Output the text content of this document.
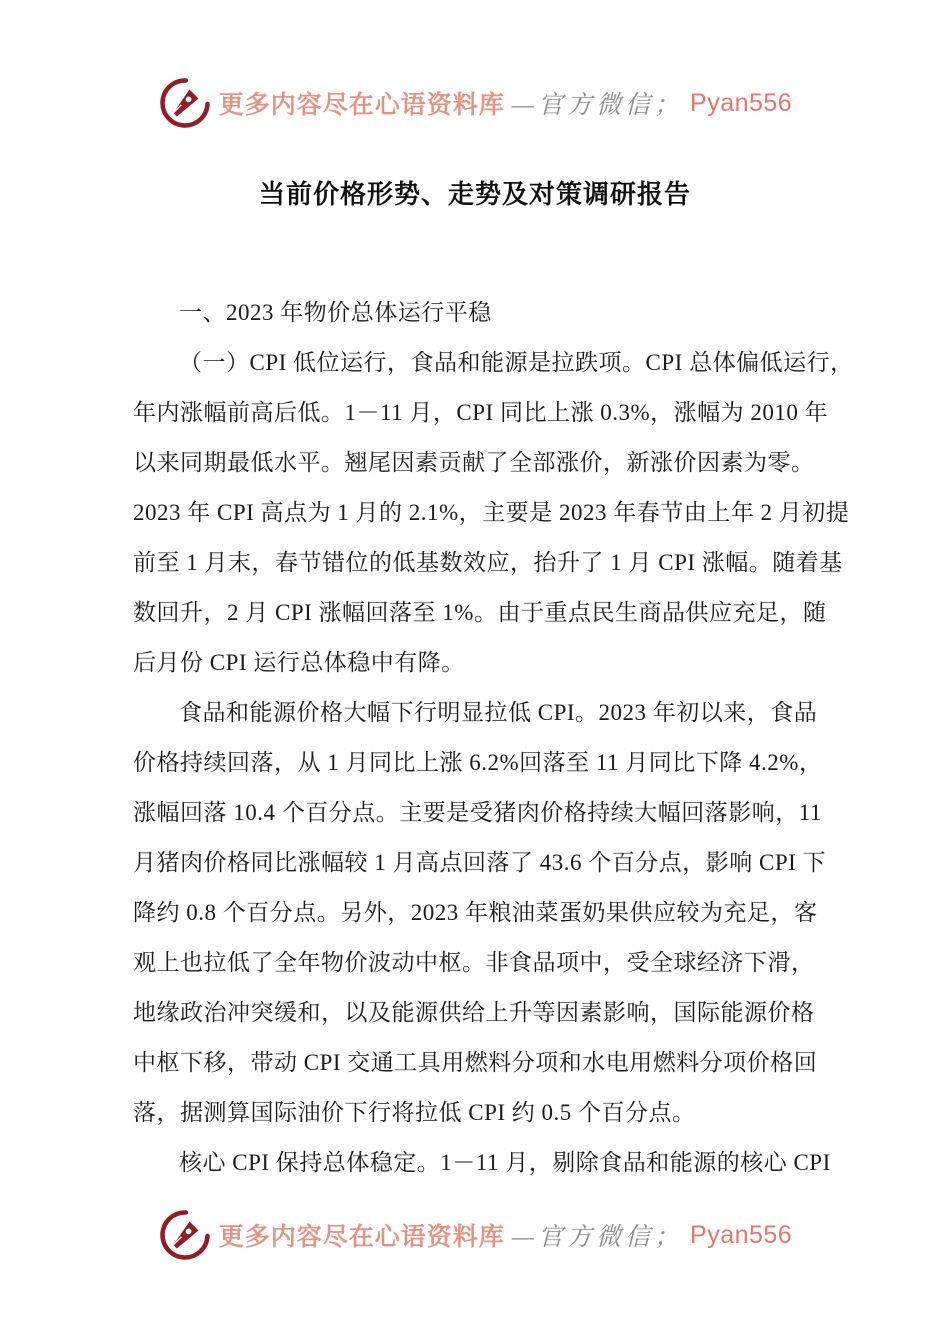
更多内容尽在心语资料库 —官方微信； Pyan556
当前价格形势、走势及对策调研报告
一、2023 年物价总体运行平稳
（一）CPI 低位运行，食品和能源是拉跌项。CPI 总体偏低运行，
年内涨幅前高后低。1－11 月，CPI 同比上涨 0.3%，涨幅为 2010 年
以来同期最低水平。翘尾因素贡献了全部涨价，新涨价因素为零。
2023 年 CPI 高点为 1 月的 2.1%，主要是 2023 年春节由上年 2 月初提
前至 1 月末，春节错位的低基数效应，抬升了 1 月 CPI 涨幅。随着基
数回升，2 月 CPI 涨幅回落至 1%。由于重点民生商品供应充足，随
后月份 CPI 运行总体稳中有降。
食品和能源价格大幅下行明显拉低 CPI。2023 年初以来，食品
价格持续回落，从 1 月同比上涨 6.2%回落至 11 月同比下降 4.2%，
涨幅回落 10.4 个百分点。主要是受猪肉价格持续大幅回落影响，11
月猪肉价格同比涨幅较 1 月高点回落了 43.6 个百分点，影响 CPI 下
降约 0.8 个百分点。另外，2023 年粮油菜蛋奶果供应较为充足，客
观上也拉低了全年物价波动中枢。非食品项中，受全球经济下滑，
地缘政治冲突缓和，以及能源供给上升等因素影响，国际能源价格
中枢下移，带动 CPI 交通工具用燃料分项和水电用燃料分项价格回
落，据测算国际油价下行将拉低 CPI 约 0.5 个百分点。
核心 CPI 保持总体稳定。1－11 月，剔除食品和能源的核心 CPI
更多内容尽在心语资料库 —官方微信； Pyan556
